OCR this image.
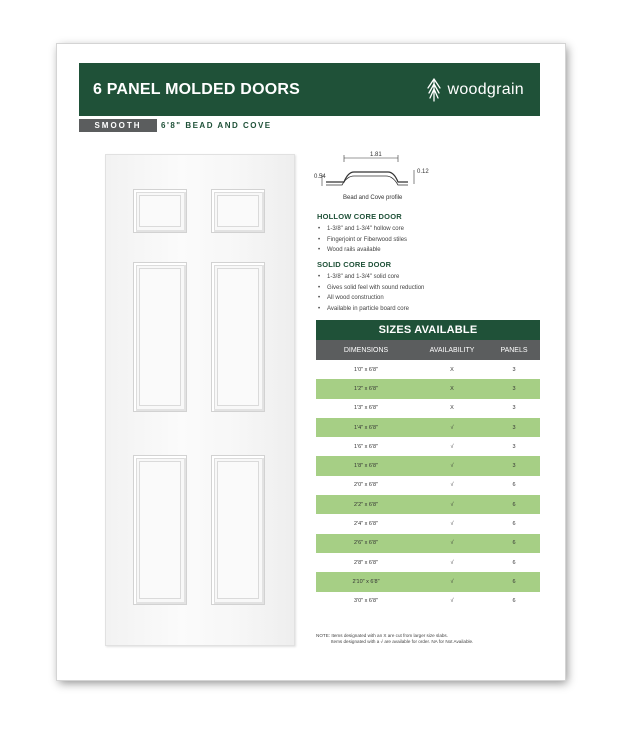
6 PANEL MOLDED DOORS	woodgrain
SMOOTH	6'8" BEAD AND COVE
1.81
0.54
0.12
Bead and Cove profile
HOLLOW CORE DOOR
• 1-3/8" and 1-3/4" hollow core
• Fingerjoint or Fiberwood stiles
• Wood rails available
SOLID CORE DOOR
• 1-3/8" and 1-3/4" solid core
• Gives solid feel with sound reduction
• All wood construction
• Available in particle board core
SIZES AVAILABLE
DIMENSIONS	AVAILABILITY	PANELS
1'0" x 6'8"	X	3
1'2" x 6'8"	X	3
1'3" x 6'8"	X	3
1'4" x 6'8"	√	3
1'6" x 6'8"	√	3
1'8" x 6'8"	√	3
2'0" x 6'8"	√	6
2'2" x 6'8"	√	6
2'4" x 6'8"	√	6
2'6" x 6'8"	√	6
2'8" x 6'8"	√	6
2'10" x 6'8"	√	6
3'0" x 6'8"	√	6
NOTE: Items designated with an X are cut from larger size slabs.
Items designated with a √ are available for order. NA for Not Available.
